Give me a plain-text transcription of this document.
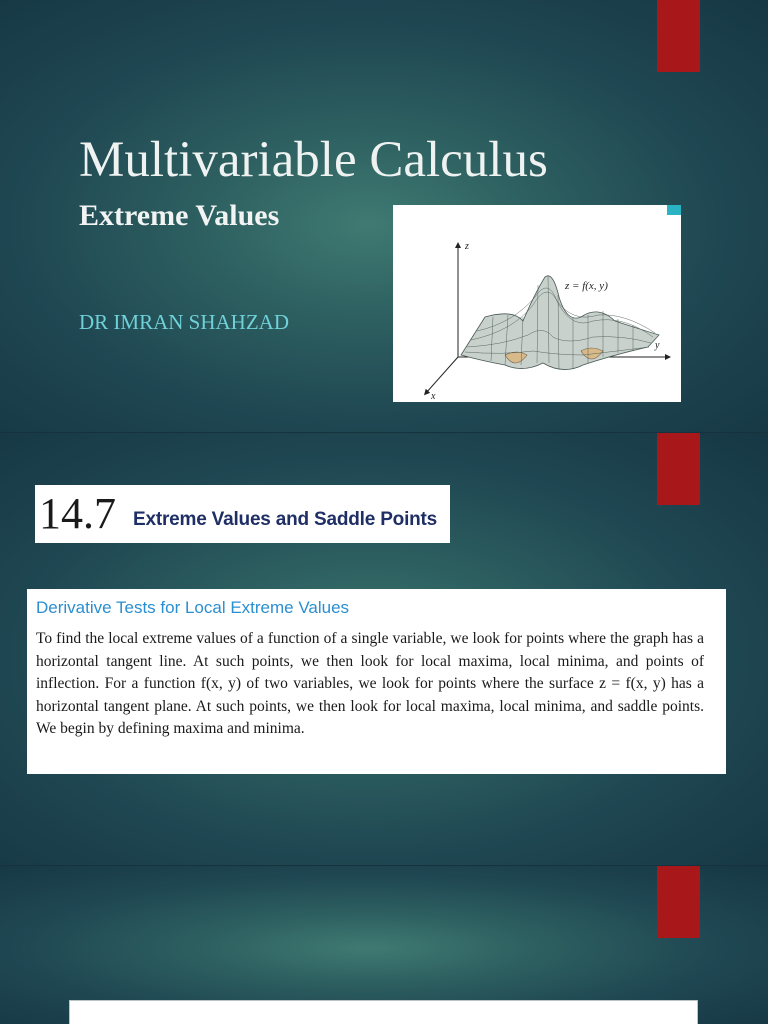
Multivariable Calculus
Extreme Values
DR IMRAN SHAHZAD
z
y
x
z = f(x, y)
14.7 Extreme Values and Saddle Points

Derivative Tests for Local Extreme Values

To find the local extreme values of a function of a single variable, we look for points where the graph has a horizontal tangent line. At such points, we then look for local maxima, local minima, and points of inflection. For a function f(x, y) of two variables, we look for points where the surface z = f(x, y) has a horizontal tangent plane. At such points, we then look for local maxima, local minima, and saddle points. We begin by defining maxima and minima.
